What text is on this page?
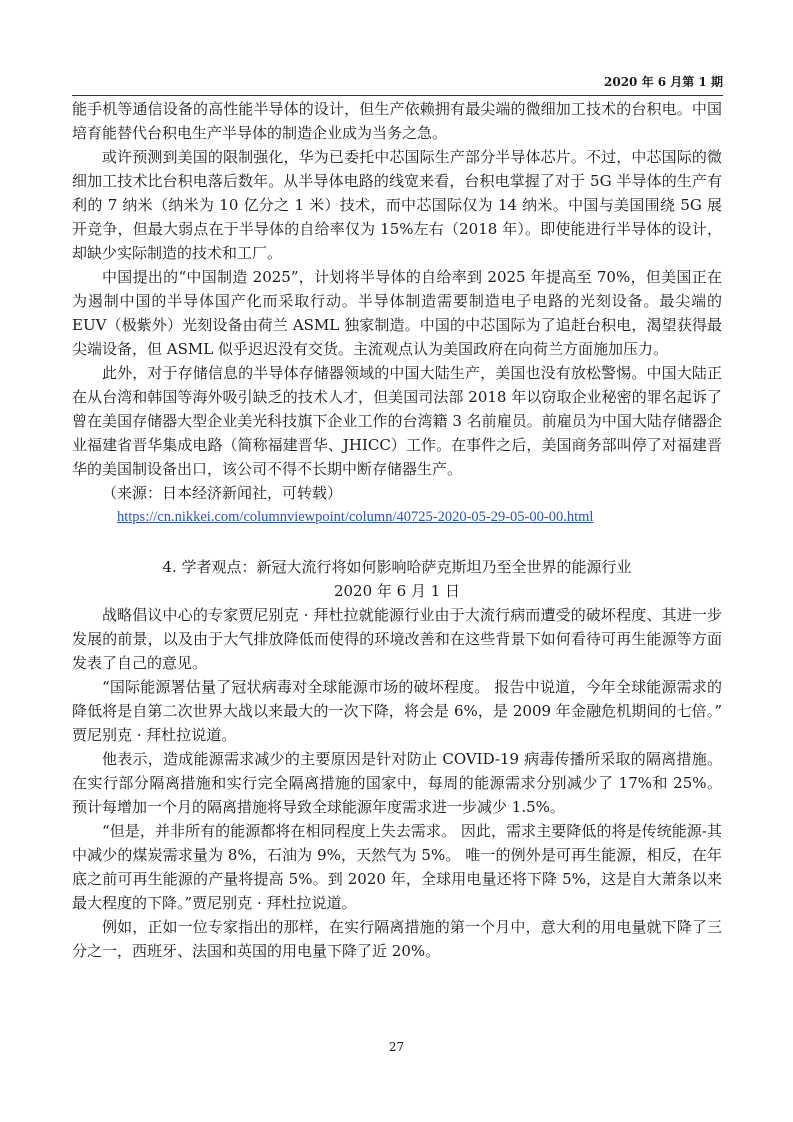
2020 年 6 月第 1 期

能手机等通信设备的高性能半导体的设计，但生产依赖拥有最尖端的微细加工技术的台积电。中国培育能替代台积电生产半导体的制造企业成为当务之急。

或许预测到美国的限制强化，华为已委托中芯国际生产部分半导体芯片。不过，中芯国际的微细加工技术比台积电落后数年。从半导体电路的线宽来看，台积电掌握了对于 5G 半导体的生产有利的 7 纳米（纳米为 10 亿分之 1 米）技术，而中芯国际仅为 14 纳米。中国与美国围绕 5G 展开竞争，但最大弱点在于半导体的自给率仅为 15%左右（2018 年）。即使能进行半导体的设计，却缺少实际制造的技术和工厂。

中国提出的“中国制造 2025”，计划将半导体的自给率到 2025 年提高至 70%，但美国正在为遏制中国的半导体国产化而采取行动。半导体制造需要制造电子电路的光刻设备。最尖端的 EUV（极紫外）光刻设备由荷兰 ASML 独家制造。中国的中芯国际为了追赶台积电，渴望获得最尖端设备，但 ASML 似乎迟迟没有交货。主流观点认为美国政府在向荷兰方面施加压力。

此外，对于存储信息的半导体存储器领域的中国大陆生产，美国也没有放松警惕。中国大陆正在从台湾和韩国等海外吸引缺乏的技术人才，但美国司法部 2018 年以窃取企业秘密的罪名起诉了曾在美国存储器大型企业美光科技旗下企业工作的台湾籍 3 名前雇员。前雇员为中国大陆存储器企业福建省晋华集成电路（简称福建晋华、JHICC）工作。在事件之后，美国商务部叫停了对福建晋华的美国制设备出口，该公司不得不长期中断存储器生产。

（来源：日本经济新闻社，可转载）

https://cn.nikkei.com/columnviewpoint/column/40725-2020-05-29-05-00-00.html

4. 学者观点：新冠大流行将如何影响哈萨克斯坦乃至全世界的能源行业

2020 年 6 月 1 日

战略倡议中心的专家贾尼别克 · 拜杜拉就能源行业由于大流行病而遭受的破坏程度、其进一步发展的前景，以及由于大气排放降低而使得的环境改善和在这些背景下如何看待可再生能源等方面发表了自己的意见。

“国际能源署估量了冠状病毒对全球能源市场的破坏程度。 报告中说道，今年全球能源需求的降低将是自第二次世界大战以来最大的一次下降，将会是 6%，是 2009 年金融危机期间的七倍。” 贾尼别克 · 拜杜拉说道。

他表示，造成能源需求减少的主要原因是针对防止 COVID-19 病毒传播所采取的隔离措施。 在实行部分隔离措施和实行完全隔离措施的国家中，每周的能源需求分别减少了 17%和 25%。 预计每增加一个月的隔离措施将导致全球能源年度需求进一步减少 1.5%。

“但是，并非所有的能源都将在相同程度上失去需求。 因此，需求主要降低的将是传统能源-其中减少的煤炭需求量为 8%，石油为 9%，天然气为 5%。 唯一的例外是可再生能源，相反，在年底之前可再生能源的产量将提高 5%。到 2020 年，全球用电量还将下降 5%，这是自大萧条以来最大程度的下降。”贾尼别克 · 拜杜拉说道。

例如，正如一位专家指出的那样，在实行隔离措施的第一个月中，意大利的用电量就下降了三分之一，西班牙、法国和英国的用电量下降了近 20%。

27
